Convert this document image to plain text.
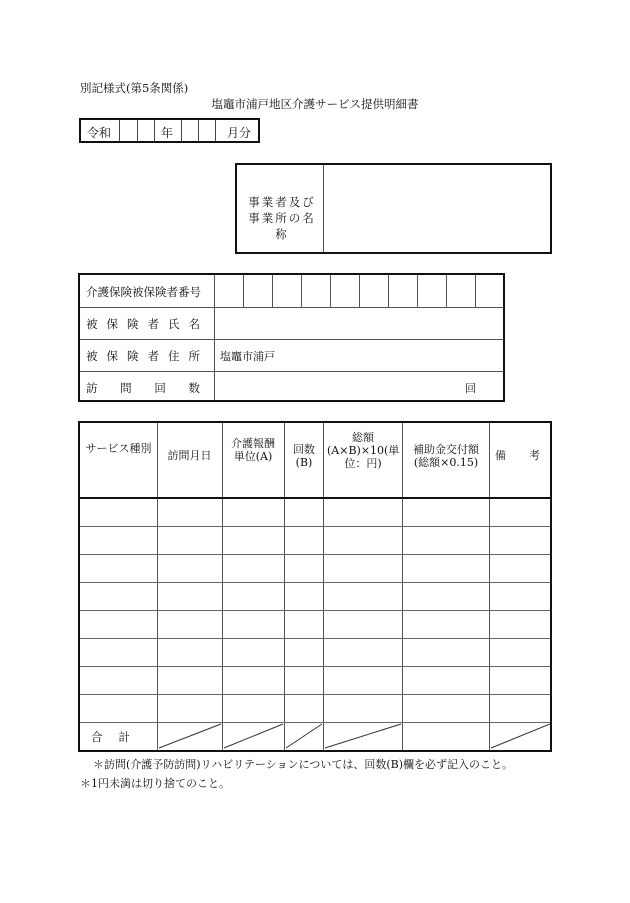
別記様式(第5条関係)
塩竈市浦戸地区介護サービス提供明細書
令和	年	月分
事業者及び事業所の名称
介護保険被保険者番号
被 保 険 者 氏 名
被 保 険 者 住 所
訪 問 回 数
塩竈市浦戸
回
サービス種別
訪問月日
介護報酬単位(A)
回数(B)
総額(A×B)×10(単位：円)
補助金交付額(総額×0.15)
備　考
合計
＊訪問(介護予防訪問)リハビリテーションについては、回数(B)欄を必ず記入のこと。
＊1円未満は切り捨てのこと。
